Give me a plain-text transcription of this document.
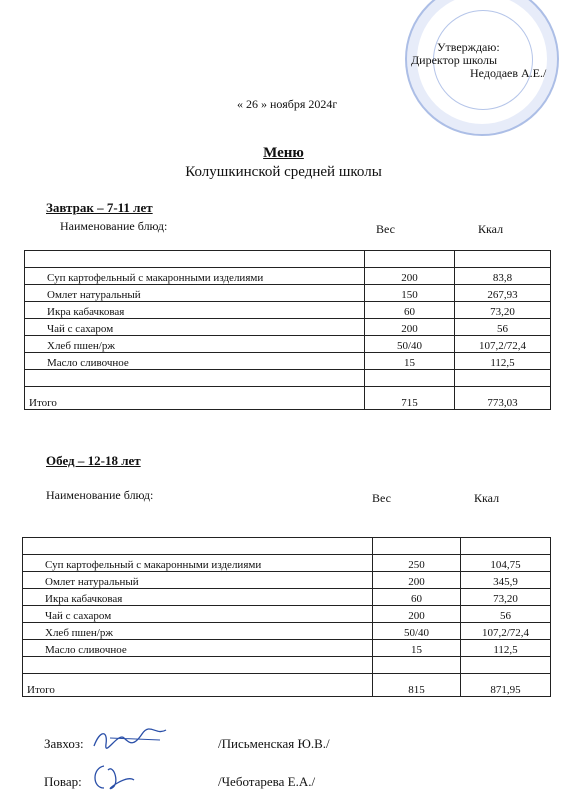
Утверждаю:
Директор школы
Недодаев А.Е./
« 26 » ноября 2024г
Меню
Колушкинской средней школы
Завтрак – 7-11 лет
Наименование блюд:	Вес	Ккал

Суп картофельный с макаронными изделиями	200	83,8
Омлет натуральный	150	267,93
Икра кабачковая	60	73,20
Чай с сахаром	200	56
Хлеб пшен/рж	50/40	107,2/72,4
Масло сливочное	15	112,5

Итого	715	773,03
Обед – 12-18 лет
Наименование блюд:	Вес	Ккал

Суп картофельный с макаронными изделиями	250	104,75
Омлет натуральный	200	345,9
Икра кабачковая	60	73,20
Чай с сахаром	200	56
Хлеб пшен/рж	50/40	107,2/72,4
Масло сливочное	15	112,5

Итого	815	871,95
Завхоз:	/Письменская Ю.В./
Повар:	/Чеботарева Е.А./
